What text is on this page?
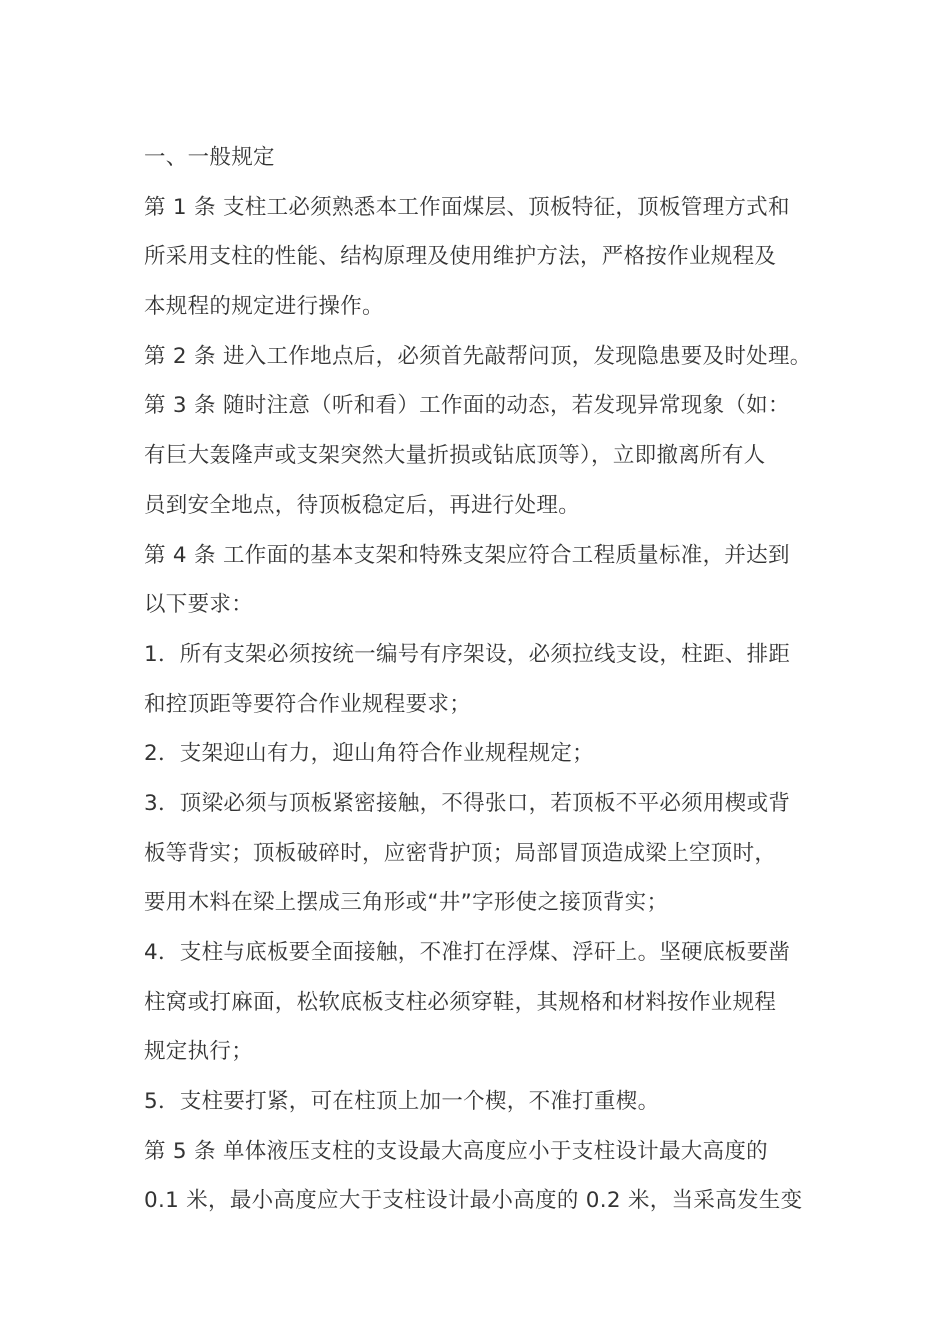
一、一般规定
第 1 条 支柱工必须熟悉本工作面煤层、顶板特征，顶板管理方式和
所采用支柱的性能、结构原理及使用维护方法，严格按作业规程及
本规程的规定进行操作。
第 2 条 进入工作地点后，必须首先敲帮问顶，发现隐患要及时处理。
第 3 条 随时注意（听和看）工作面的动态，若发现异常现象（如：
有巨大轰隆声或支架突然大量折损或钻底顶等），立即撤离所有人
员到安全地点，待顶板稳定后，再进行处理。
第 4 条 工作面的基本支架和特殊支架应符合工程质量标准，并达到
以下要求：
1．所有支架必须按统一编号有序架设，必须拉线支设，柱距、排距
和控顶距等要符合作业规程要求；
2．支架迎山有力，迎山角符合作业规程规定；
3．顶梁必须与顶板紧密接触，不得张口，若顶板不平必须用楔或背
板等背实；顶板破碎时，应密背护顶；局部冒顶造成梁上空顶时，
要用木料在梁上摆成三角形或“井”字形使之接顶背实；
4．支柱与底板要全面接触，不准打在浮煤、浮矸上。坚硬底板要凿
柱窝或打麻面，松软底板支柱必须穿鞋，其规格和材料按作业规程
规定执行；
5．支柱要打紧，可在柱顶上加一个楔，不准打重楔。
第 5 条 单体液压支柱的支设最大高度应小于支柱设计最大高度的
0.1 米，最小高度应大于支柱设计最小高度的 0.2 米，当采高发生变
